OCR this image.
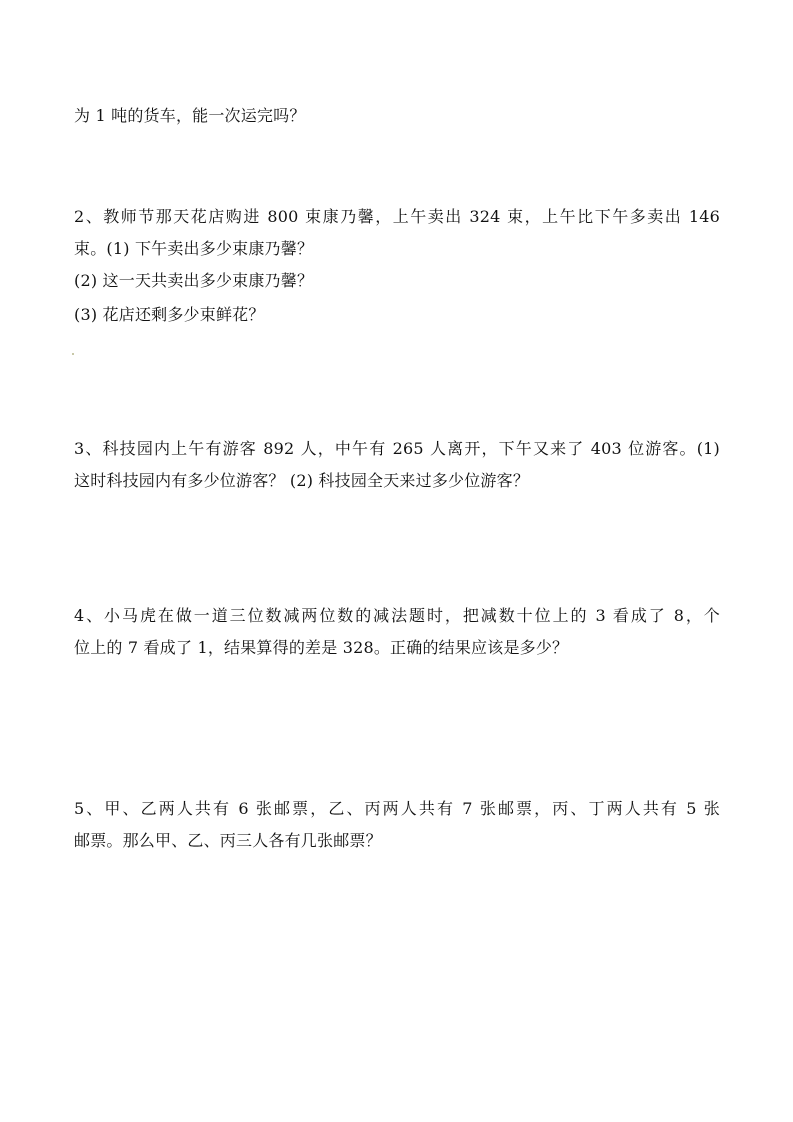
为 1 吨的货车，能一次运完吗？
2、教师节那天花店购进 800 束康乃馨，上午卖出 324 束，上午比下午多卖出 146
束。(1) 下午卖出多少束康乃馨？
(2) 这一天共卖出多少束康乃馨？
(3) 花店还剩多少束鲜花？
3、科技园内上午有游客 892 人，中午有 265 人离开，下午又来了 403 位游客。(1)
这时科技园内有多少位游客？ (2) 科技园全天来过多少位游客？
4、小马虎在做一道三位数减两位数的减法题时，把减数十位上的 3 看成了 8，个
位上的 7 看成了 1，结果算得的差是 328。正确的结果应该是多少？
5、甲、乙两人共有 6 张邮票，乙、丙两人共有 7 张邮票，丙、丁两人共有 5 张
邮票。那么甲、乙、丙三人各有几张邮票？
